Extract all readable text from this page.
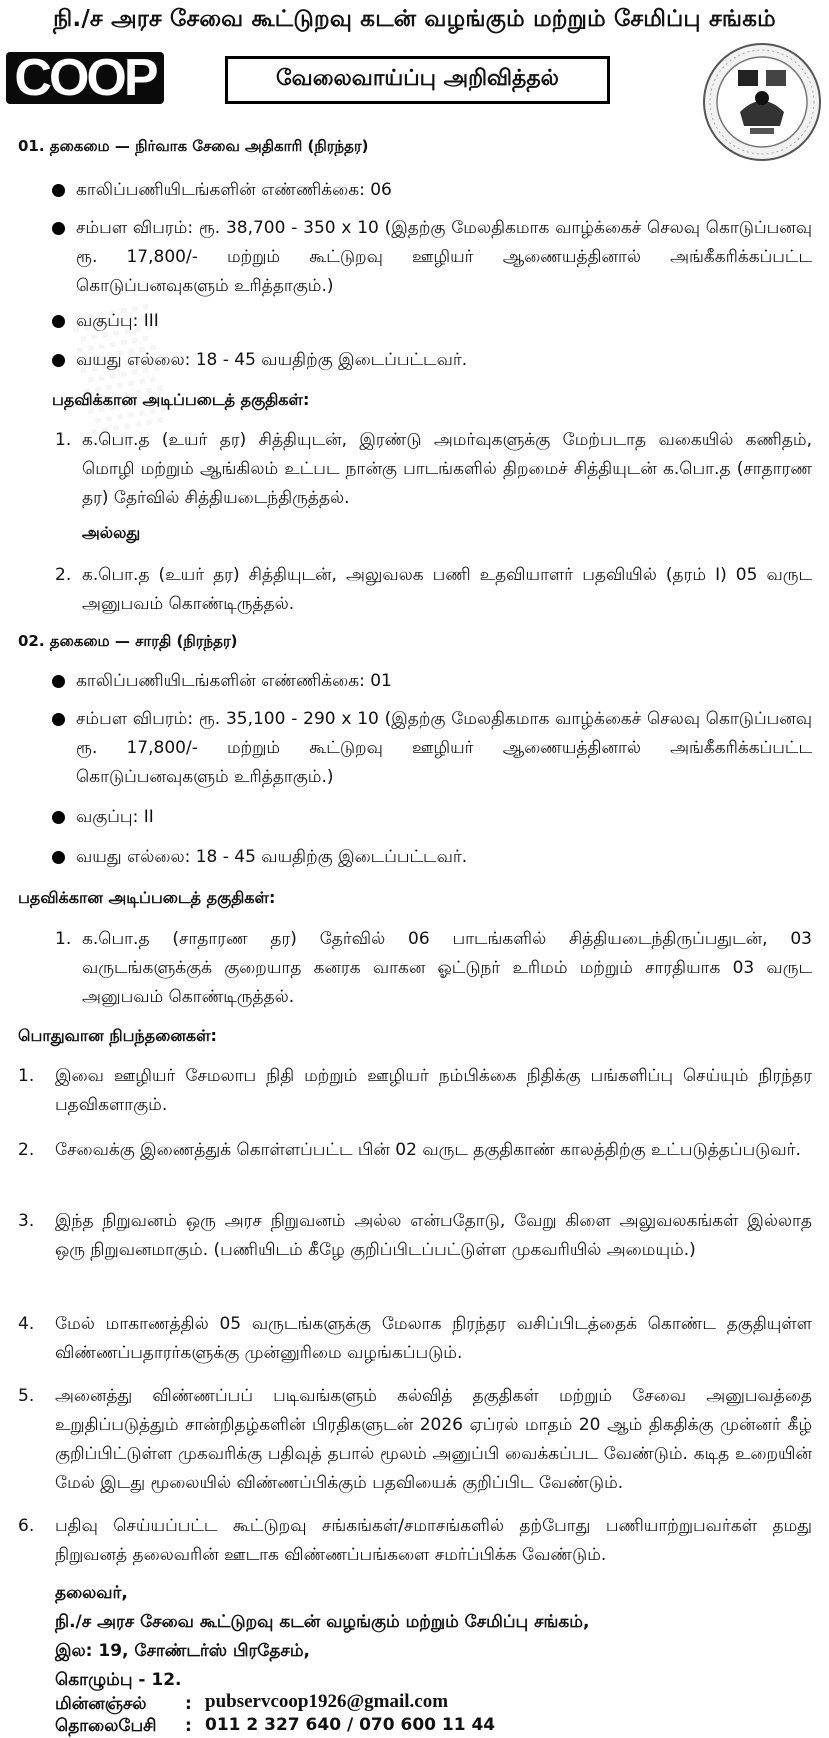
நி./ச அரச சேவை கூட்டுறவு கடன் வழங்கும் மற்றும் சேமிப்பு சங்கம்
COOP	வேலைவாய்ப்பு அறிவித்தல்
01. தகைமை — நிர்வாக சேவை அதிகாரி (நிரந்தர)
காலிப்பணியிடங்களின் எண்ணிக்கை: 06
சம்பள விபரம்: ரூ. 38,700 - 350 x 10 (இதற்கு மேலதிகமாக வாழ்க்கைச் செலவு கொடுப்பனவு ரூ. 17,800/- மற்றும் கூட்டுறவு ஊழியர் ஆணையத்தினால் அங்கீகரிக்கப்பட்ட கொடுப்பனவுகளும் உரித்தாகும்.)
வகுப்பு: III
வயது எல்லை: 18 - 45 வயதிற்கு இடைப்பட்டவர்.
பதவிக்கான அடிப்படைத் தகுதிகள்:
1. க.பொ.த (உயர் தர) சித்தியுடன், இரண்டு அமர்வுகளுக்கு மேற்படாத வகையில் கணிதம், மொழி மற்றும் ஆங்கிலம் உட்பட நான்கு பாடங்களில் திறமைச் சித்தியுடன் க.பொ.த (சாதாரண தர) தேர்வில் சித்தியடைந்திருத்தல்.
அல்லது
2. க.பொ.த (உயர் தர) சித்தியுடன், அலுவலக பணி உதவியாளர் பதவியில் (தரம் I) 05 வருட அனுபவம் கொண்டிருத்தல்.
02. தகைமை — சாரதி (நிரந்தர)
காலிப்பணியிடங்களின் எண்ணிக்கை: 01
சம்பள விபரம்: ரூ. 35,100 - 290 x 10 (இதற்கு மேலதிகமாக வாழ்க்கைச் செலவு கொடுப்பனவு ரூ. 17,800/- மற்றும் கூட்டுறவு ஊழியர் ஆணையத்தினால் அங்கீகரிக்கப்பட்ட கொடுப்பனவுகளும் உரித்தாகும்.)
வகுப்பு: II
வயது எல்லை: 18 - 45 வயதிற்கு இடைப்பட்டவர்.
பதவிக்கான அடிப்படைத் தகுதிகள்:
1. க.பொ.த (சாதாரண தர) தேர்வில் 06 பாடங்களில் சித்தியடைந்திருப்பதுடன், 03 வருடங்களுக்குக் குறையாத கனரக வாகன ஓட்டுநர் உரிமம் மற்றும் சாரதியாக 03 வருட அனுபவம் கொண்டிருத்தல்.
பொதுவான நிபந்தனைகள்:
1. இவை ஊழியர் சேமலாப நிதி மற்றும் ஊழியர் நம்பிக்கை நிதிக்கு பங்களிப்பு செய்யும் நிரந்தர பதவிகளாகும்.
2. சேவைக்கு இணைத்துக் கொள்ளப்பட்ட பின் 02 வருட தகுதிகாண் காலத்திற்கு உட்படுத்தப்படுவர்.
3. இந்த நிறுவனம் ஒரு அரச நிறுவனம் அல்ல என்பதோடு, வேறு கிளை அலுவலகங்கள் இல்லாத ஒரு நிறுவனமாகும். (பணியிடம் கீழே குறிப்பிடப்பட்டுள்ள முகவரியில் அமையும்.)
4. மேல் மாகாணத்தில் 05 வருடங்களுக்கு மேலாக நிரந்தர வசிப்பிடத்தைக் கொண்ட தகுதியுள்ள விண்ணப்பதாரர்களுக்கு முன்னுரிமை வழங்கப்படும்.
5. அனைத்து விண்ணப்பப் படிவங்களும் கல்வித் தகுதிகள் மற்றும் சேவை அனுபவத்தை உறுதிப்படுத்தும் சான்றிதழ்களின் பிரதிகளுடன் 2026 ஏப்ரல் மாதம் 20 ஆம் திகதிக்கு முன்னர் கீழ் குறிப்பிட்டுள்ள முகவரிக்கு பதிவுத் தபால் மூலம் அனுப்பி வைக்கப்பட வேண்டும். கடித உறையின் மேல் இடது மூலையில் விண்ணப்பிக்கும் பதவியைக் குறிப்பிட வேண்டும்.
6. பதிவு செய்யப்பட்ட கூட்டுறவு சங்கங்கள்/சமாசங்களில் தற்போது பணியாற்றுபவர்கள் தமது நிறுவனத் தலைவரின் ஊடாக விண்ணப்பங்களை சமர்ப்பிக்க வேண்டும்.
தலைவர்,
நி./ச அரச சேவை கூட்டுறவு கடன் வழங்கும் மற்றும் சேமிப்பு சங்கம்,
இல: 19, சோண்டர்ஸ் பிரதேசம்,
கொழும்பு - 12.
மின்னஞ்சல்	: pubservcoop1926@gmail.com
தொலைபேசி : 011 2 327 640 / 070 600 11 44
